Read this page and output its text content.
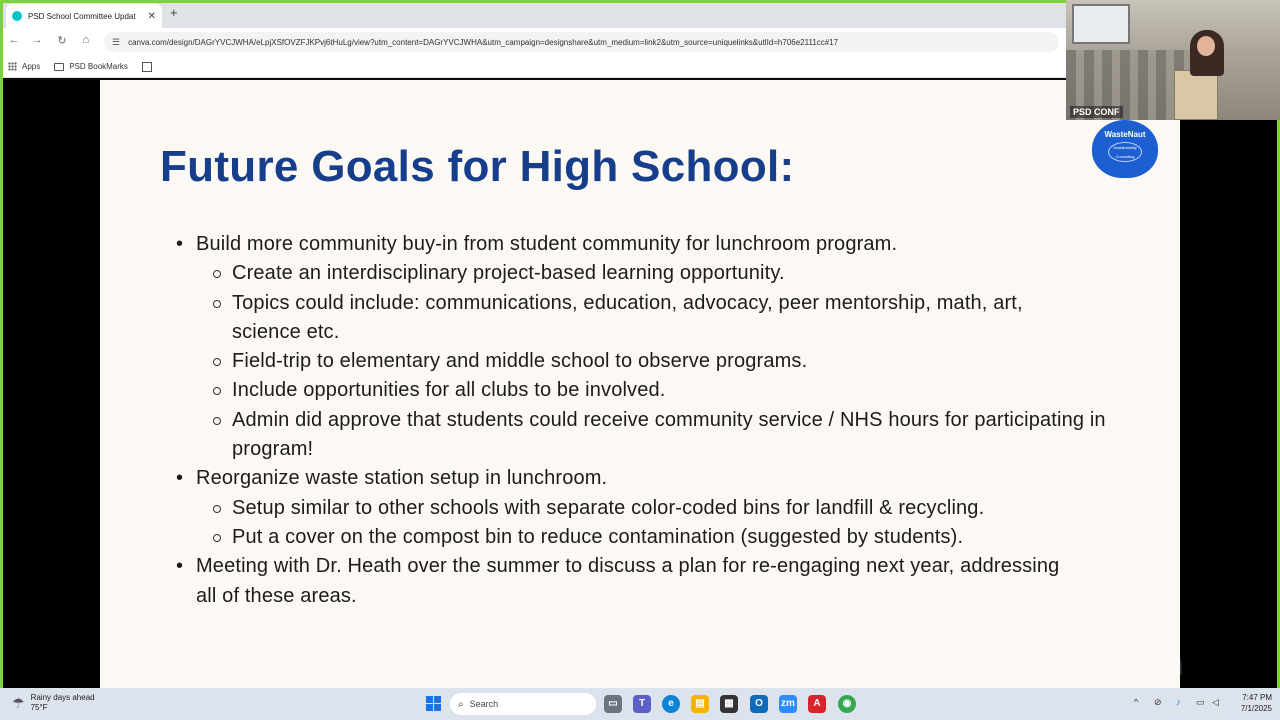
PSD School Committee Updat	✕ +
← →	↻	⌂	☰ canva.com/design/DAGrYVCJWHA/eLpjXSfOVZFJKPvj6tHuLg/view?utm_content=DAGrYVCJWHA&utm_campaign=designshare&utm_medium=link2&utm_source=uniquelinks&utlId=h706e2111cc#17
Apps	PSD BookMarks
Future Goals for High School:
WasteNaut
Sustainability Consulting
• Build more community buy-in from student community for lunchroom program.
Create an interdisciplinary project-based learning opportunity.
Topics could include: communications, education, advocacy, peer mentorship, math, art, science etc.
Field-trip to elementary and middle school to observe programs.
Include opportunities for all clubs to be involved.
Admin did approve that students could receive community service / NHS hours for participating in program!
• Reorganize waste station setup in lunchroom.
Setup similar to other schools with separate color-coded bins for landfill & recycling.
Put a cover on the compost bin to reduce contamination (suggested by students).
• Meeting with Dr. Heath over the summer to discuss a plan for re-engaging next year, addressing all of these areas.
zoom
PSD CONF
☂ Rainy days ahead
75°F	⌕ Search	▭	T	e	▤	▦	O	zm	A	◉	^ ⊘ ♪ ▭ ◁	7:47 PM
7/1/2025
